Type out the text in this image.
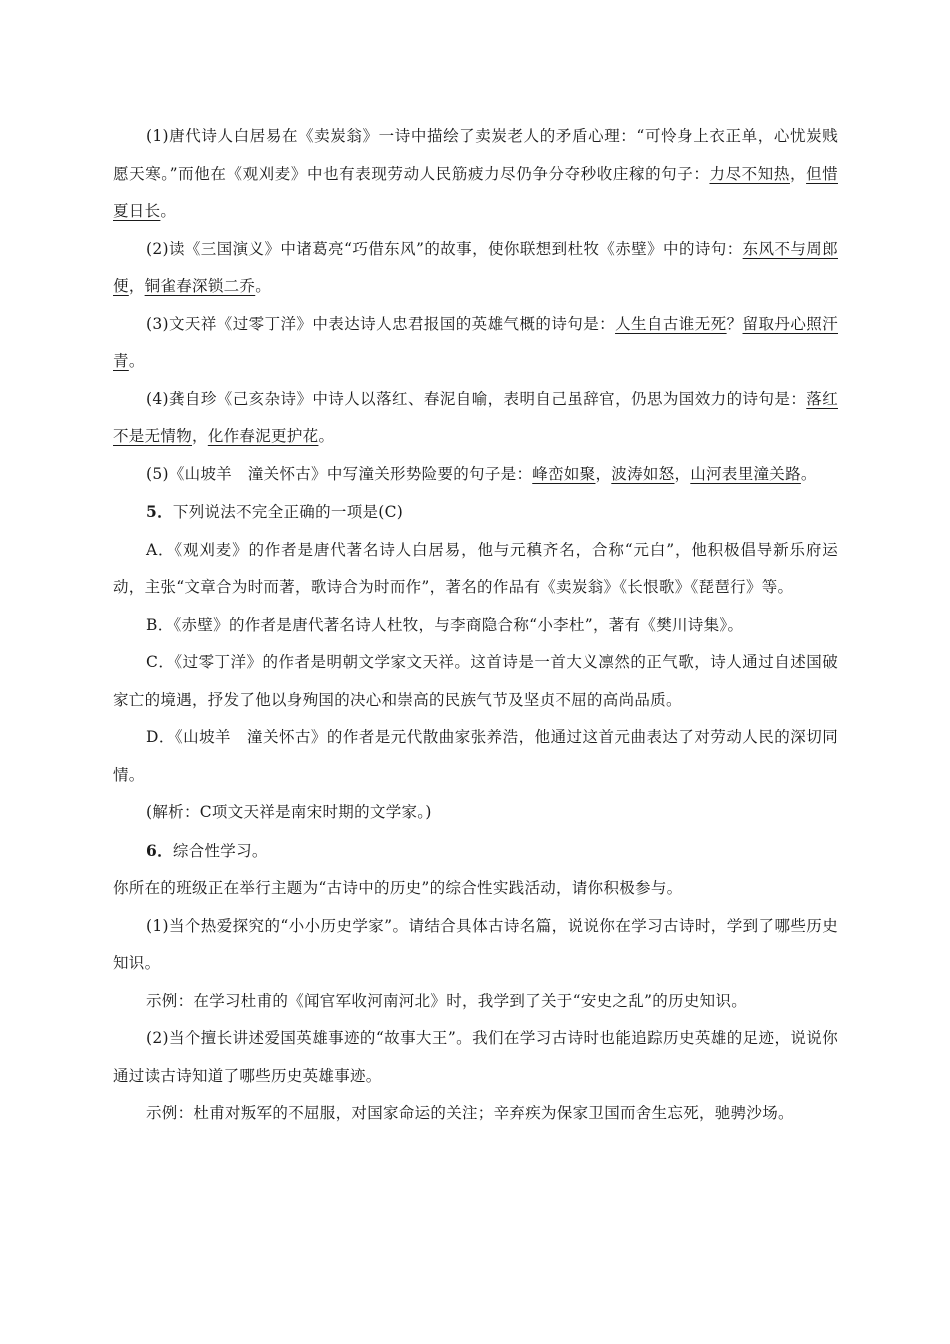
(1)唐代诗人白居易在《卖炭翁》一诗中描绘了卖炭老人的矛盾心理：“可怜身上衣正单，心忧炭贱愿天寒。”而他在《观刈麦》中也有表现劳动人民筋疲力尽仍争分夺秒收庄稼的句子：力尽不知热，但惜夏日长。

(2)读《三国演义》中诸葛亮“巧借东风”的故事，使你联想到杜牧《赤壁》中的诗句：东风不与周郎便，铜雀春深锁二乔。

(3)文天祥《过零丁洋》中表达诗人忠君报国的英雄气概的诗句是：人生自古谁无死？留取丹心照汗青。

(4)龚自珍《己亥杂诗》中诗人以落红、春泥自喻，表明自己虽辞官，仍思为国效力的诗句是：落红不是无情物，化作春泥更护花。

(5)《山坡羊　潼关怀古》中写潼关形势险要的句子是：峰峦如聚，波涛如怒，山河表里潼关路。

5．下列说法不完全正确的一项是(C)

A．《观刈麦》的作者是唐代著名诗人白居易，他与元稹齐名，合称“元白”，他积极倡导新乐府运动，主张“文章合为时而著，歌诗合为时而作”，著名的作品有《卖炭翁》《长恨歌》《琵琶行》等。

B．《赤壁》的作者是唐代著名诗人杜牧，与李商隐合称“小李杜”，著有《樊川诗集》。

C．《过零丁洋》的作者是明朝文学家文天祥。这首诗是一首大义凛然的正气歌，诗人通过自述国破家亡的境遇，抒发了他以身殉国的决心和崇高的民族气节及坚贞不屈的高尚品质。

D．《山坡羊　潼关怀古》的作者是元代散曲家张养浩，他通过这首元曲表达了对劳动人民的深切同情。

(解析：C项文天祥是南宋时期的文学家。)

6．综合性学习。

你所在的班级正在举行主题为“古诗中的历史”的综合性实践活动，请你积极参与。

(1)当个热爱探究的“小小历史学家”。请结合具体古诗名篇，说说你在学习古诗时，学到了哪些历史知识。

示例：在学习杜甫的《闻官军收河南河北》时，我学到了关于“安史之乱”的历史知识。

(2)当个擅长讲述爱国英雄事迹的“故事大王”。我们在学习古诗时也能追踪历史英雄的足迹，说说你通过读古诗知道了哪些历史英雄事迹。

示例：杜甫对叛军的不屈服，对国家命运的关注；辛弃疾为保家卫国而舍生忘死，驰骋沙场。
